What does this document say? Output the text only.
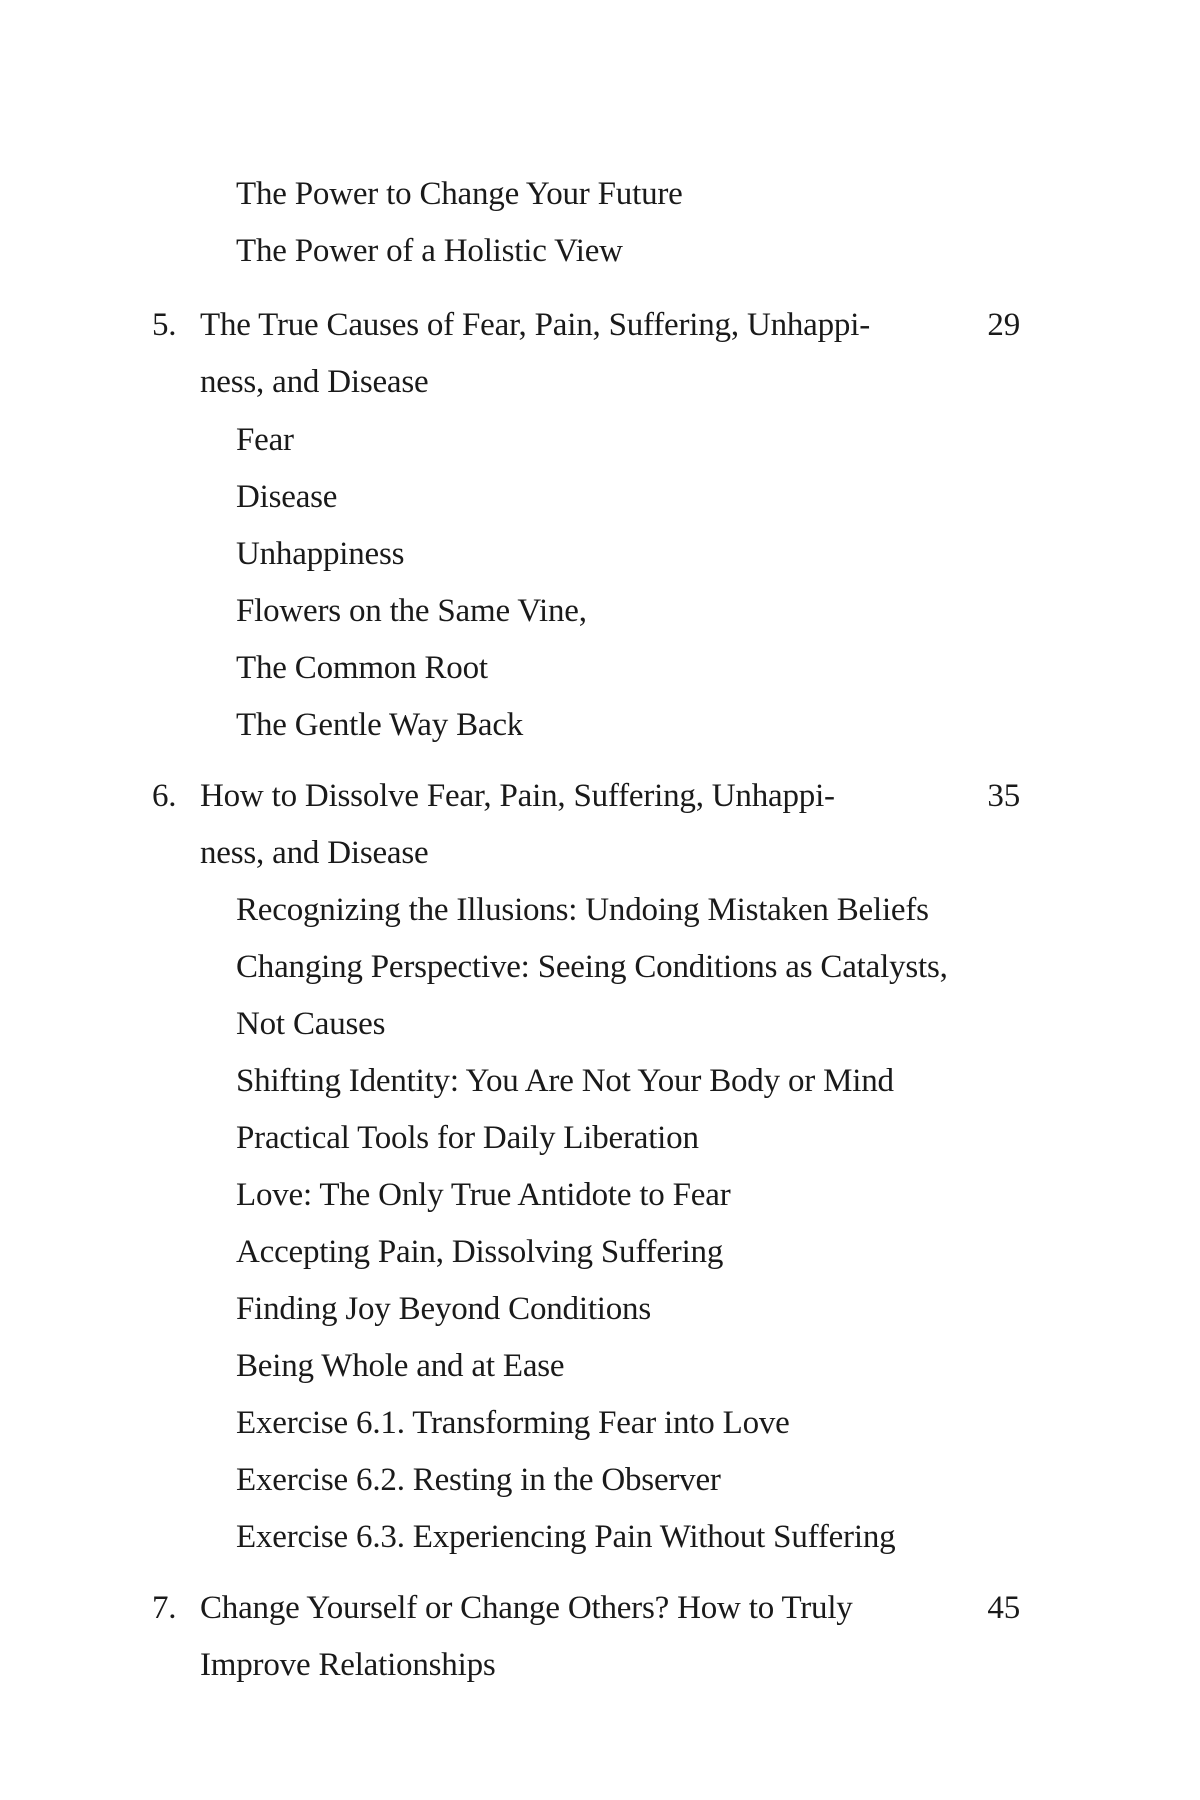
The Power to Change Your Future
The Power of a Holistic View
5. The True Causes of Fear, Pain, Suffering, Unhappi-	29
ness, and Disease
Fear
Disease
Unhappiness
Flowers on the Same Vine,
The Common Root
The Gentle Way Back
6. How to Dissolve Fear, Pain, Suffering, Unhappi-	35
ness, and Disease
Recognizing the Illusions: Undoing Mistaken Beliefs
Changing Perspective: Seeing Conditions as Catalysts,
Not Causes
Shifting Identity: You Are Not Your Body or Mind
Practical Tools for Daily Liberation
Love: The Only True Antidote to Fear
Accepting Pain, Dissolving Suffering
Finding Joy Beyond Conditions
Being Whole and at Ease
Exercise 6.1. Transforming Fear into Love
Exercise 6.2. Resting in the Observer
Exercise 6.3. Experiencing Pain Without Suffering
7. Change Yourself or Change Others? How to Truly	45
Improve Relationships
